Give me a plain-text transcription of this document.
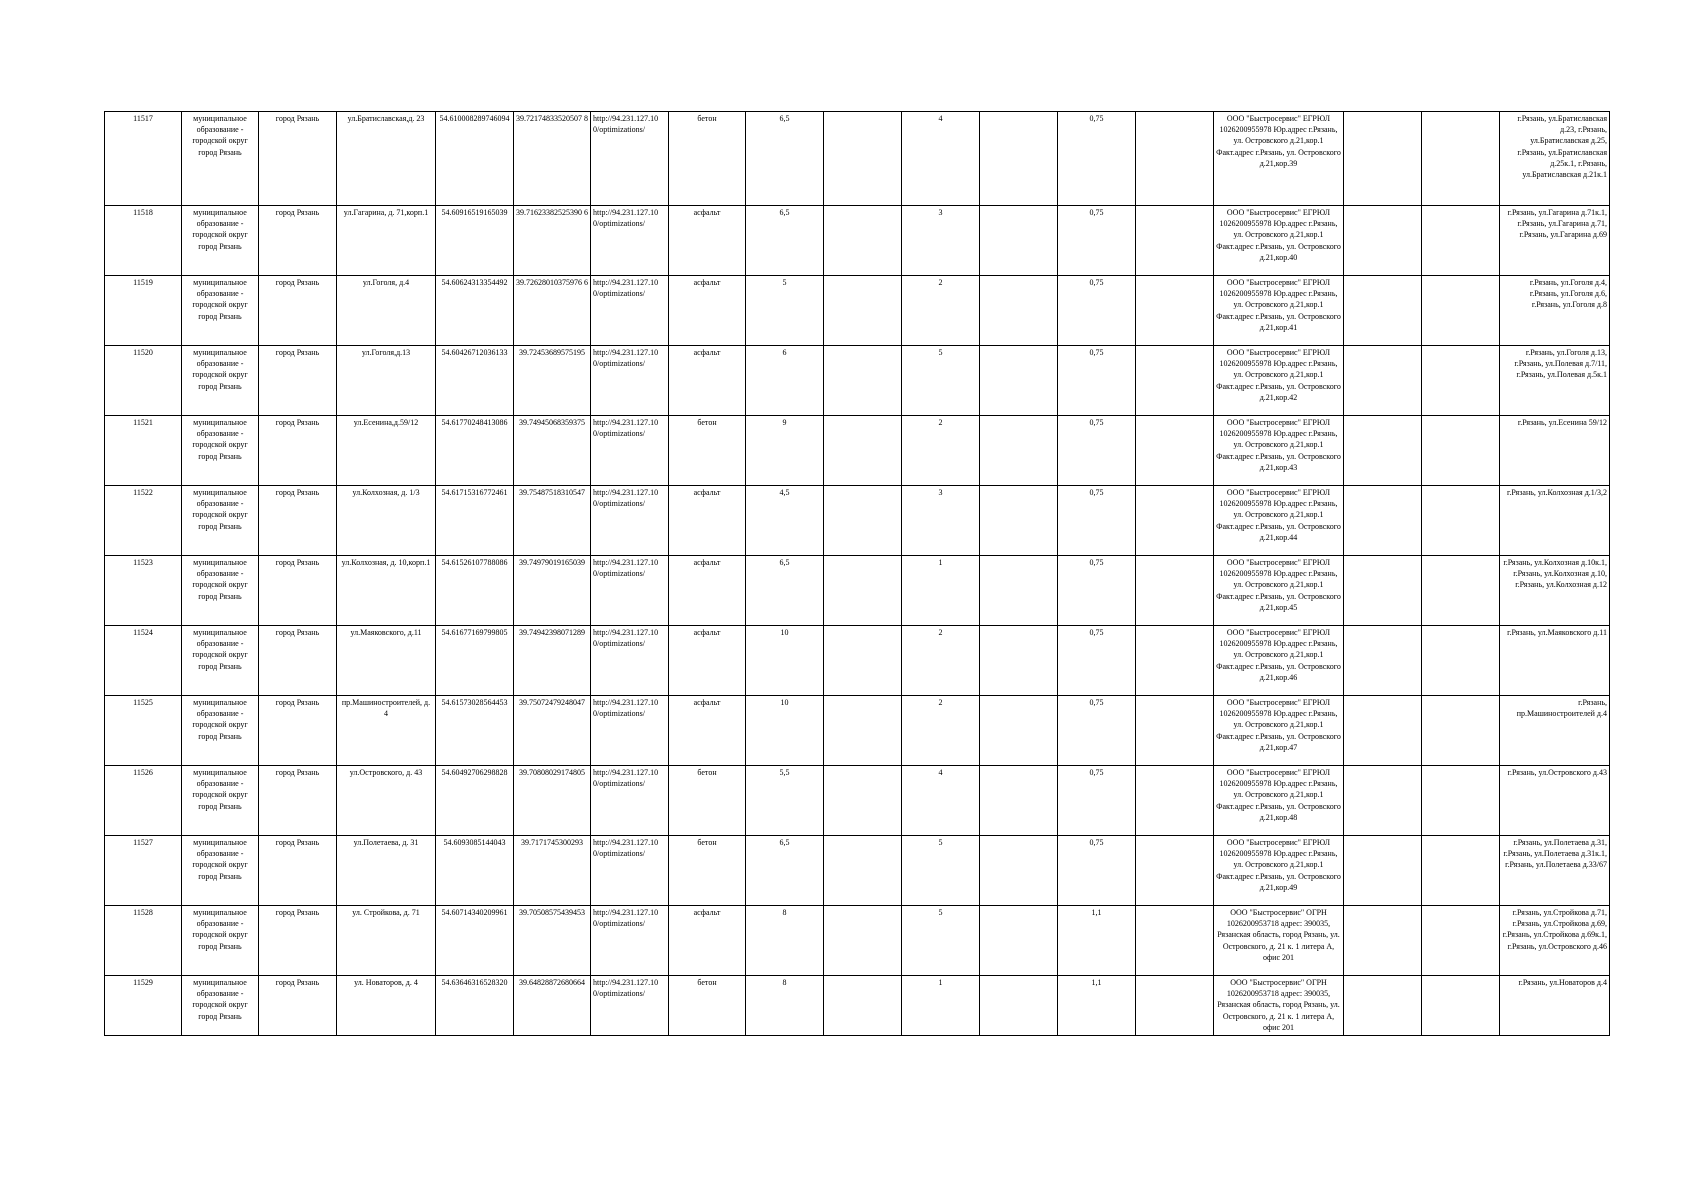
11517	муниципальное образование - городской округ город Рязань	город Рязань	ул.Братиславская,д. 23	54.610008289746094	39.72174833520507 8	http://94.231.127.10 0/optimizations/	бетон	6,5		4		0,75		ООО "Быстросервис" ЕГРЮЛ 1026200955978 Юр.адрес г.Рязань, ул. Островского д.21,кор.1 Факт.адрес г.Рязань, ул. Островского д.21,кор.39			г.Рязань, ул.Братиславская д.23, г.Рязань, ул.Братиславская д.25, г.Рязань, ул.Братиславская д.25к.1, г.Рязань, ул.Братиславская д.21к.1
11518	муниципальное образование - городской округ город Рязань	город Рязань	ул.Гагарина, д. 71,корп.1	54.60916519165039	39.71623382525390 6	http://94.231.127.10 0/optimizations/	асфальт	6,5		3		0,75		ООО "Быстросервис" ЕГРЮЛ 1026200955978 Юр.адрес г.Рязань, ул. Островского д.21,кор.1 Факт.адрес г.Рязань, ул. Островского д.21,кор.40			г.Рязань, ул.Гагарина д.71к.1, г.Рязань, ул.Гагарина д.71, г.Рязань, ул.Гагарина д.69
11519	муниципальное образование - городской округ город Рязань	город Рязань	ул.Гоголя, д.4	54.60624313354492	39.72628010375976 6	http://94.231.127.10 0/optimizations/	асфальт	5		2		0,75		ООО "Быстросервис" ЕГРЮЛ 1026200955978 Юр.адрес г.Рязань, ул. Островского д.21,кор.1 Факт.адрес г.Рязань, ул. Островского д.21,кор.41			г.Рязань, ул.Гоголя д.4, г.Рязань, ул.Гоголя д.6, г.Рязань, ул.Гоголя д.8
11520	муниципальное образование - городской округ город Рязань	город Рязань	ул.Гоголя,д.13	54.60426712036133	39.72453689575195	http://94.231.127.10 0/optimizations/	асфальт	6		5		0,75		ООО "Быстросервис" ЕГРЮЛ 1026200955978 Юр.адрес г.Рязань, ул. Островского д.21,кор.1 Факт.адрес г.Рязань, ул. Островского д.21,кор.42			г.Рязань, ул.Гоголя д.13, г.Рязань, ул.Полевая д.7/11, г.Рязань, ул.Полевая д.5к.1
11521	муниципальное образование - городской округ город Рязань	город Рязань	ул.Есенина,д.59/12	54.61770248413086	39.74945068359375	http://94.231.127.10 0/optimizations/	бетон	9		2		0,75		ООО "Быстросервис" ЕГРЮЛ 1026200955978 Юр.адрес г.Рязань, ул. Островского д.21,кор.1 Факт.адрес г.Рязань, ул. Островского д.21,кор.43			г.Рязань, ул.Есенина 59/12
11522	муниципальное образование - городской округ город Рязань	город Рязань	ул.Колхозная, д. 1/3	54.61715316772461	39.75487518310547	http://94.231.127.10 0/optimizations/	асфальт	4,5		3		0,75		ООО "Быстросервис" ЕГРЮЛ 1026200955978 Юр.адрес г.Рязань, ул. Островского д.21,кор.1 Факт.адрес г.Рязань, ул. Островского д.21,кор.44			г.Рязань, ул.Колхозная д.1/3,2
11523	муниципальное образование - городской округ город Рязань	город Рязань	ул.Колхозная, д. 10,корп.1	54.61526107788086	39.74979019165039	http://94.231.127.10 0/optimizations/	асфальт	6,5		1		0,75		ООО "Быстросервис" ЕГРЮЛ 1026200955978 Юр.адрес г.Рязань, ул. Островского д.21,кор.1 Факт.адрес г.Рязань, ул. Островского д.21,кор.45			г.Рязань, ул.Колхозная д.10к.1, г.Рязань, ул.Колхозная д.10, г.Рязань, ул.Колхозная д.12
11524	муниципальное образование - городской округ город Рязань	город Рязань	ул.Маяковского, д.11	54.61677169799805	39.74942398071289	http://94.231.127.10 0/optimizations/	асфальт	10		2		0,75		ООО "Быстросервис" ЕГРЮЛ 1026200955978 Юр.адрес г.Рязань, ул. Островского д.21,кор.1 Факт.адрес г.Рязань, ул. Островского д.21,кор.46			г.Рязань, ул.Маяковского д.11
11525	муниципальное образование - городской округ город Рязань	город Рязань	пр.Машиностроителей, д. 4	54.61573028564453	39.75072479248047	http://94.231.127.10 0/optimizations/	асфальт	10		2		0,75		ООО "Быстросервис" ЕГРЮЛ 1026200955978 Юр.адрес г.Рязань, ул. Островского д.21,кор.1 Факт.адрес г.Рязань, ул. Островского д.21,кор.47			г.Рязань, пр.Машиностроителей д.4
11526	муниципальное образование - городской округ город Рязань	город Рязань	ул.Островского, д. 43	54.60492706298828	39.70808029174805	http://94.231.127.10 0/optimizations/	бетон	5,5		4		0,75		ООО "Быстросервис" ЕГРЮЛ 1026200955978 Юр.адрес г.Рязань, ул. Островского д.21,кор.1 Факт.адрес г.Рязань, ул. Островского д.21,кор.48			г.Рязань, ул.Островского д.43
11527	муниципальное образование - городской округ город Рязань	город Рязань	ул.Полетаева, д. 31	54.6093085144043	39.7171745300293	http://94.231.127.10 0/optimizations/	бетон	6,5		5		0,75		ООО "Быстросервис" ЕГРЮЛ 1026200955978 Юр.адрес г.Рязань, ул. Островского д.21,кор.1 Факт.адрес г.Рязань, ул. Островского д.21,кор.49			г.Рязань, ул.Полетаева д.31, г.Рязань, ул.Полетаева д.31к.1, г.Рязань, ул.Полетаева д.33/67
11528	муниципальное образование - городской округ город Рязань	город Рязань	ул. Стройкова, д. 71	54.60714340209961	39.70508575439453	http://94.231.127.10 0/optimizations/	асфальт	8		5		1,1		ООО "Быстросервис" ОГРН 1026200953718 адрес: 390035, Рязанская область, город Рязань, ул. Островского, д. 21 к. 1 литера А, офис 201			г.Рязань, ул.Стройкова д.71, г.Рязань, ул.Стройкова д.69, г.Рязань, ул.Стройкова д.69к.1, г.Рязань, ул.Островского д.46
11529	муниципальное образование - городской округ город Рязань	город Рязань	ул. Новаторов, д. 4	54.63646316528320	39.64828872680664	http://94.231.127.10 0/optimizations/	бетон	8		1		1,1		ООО "Быстросервис" ОГРН 1026200953718 адрес: 390035, Рязанская область, город Рязань, ул. Островского, д. 21 к. 1 литера А, офис 201			г.Рязань, ул.Новаторов д.4
